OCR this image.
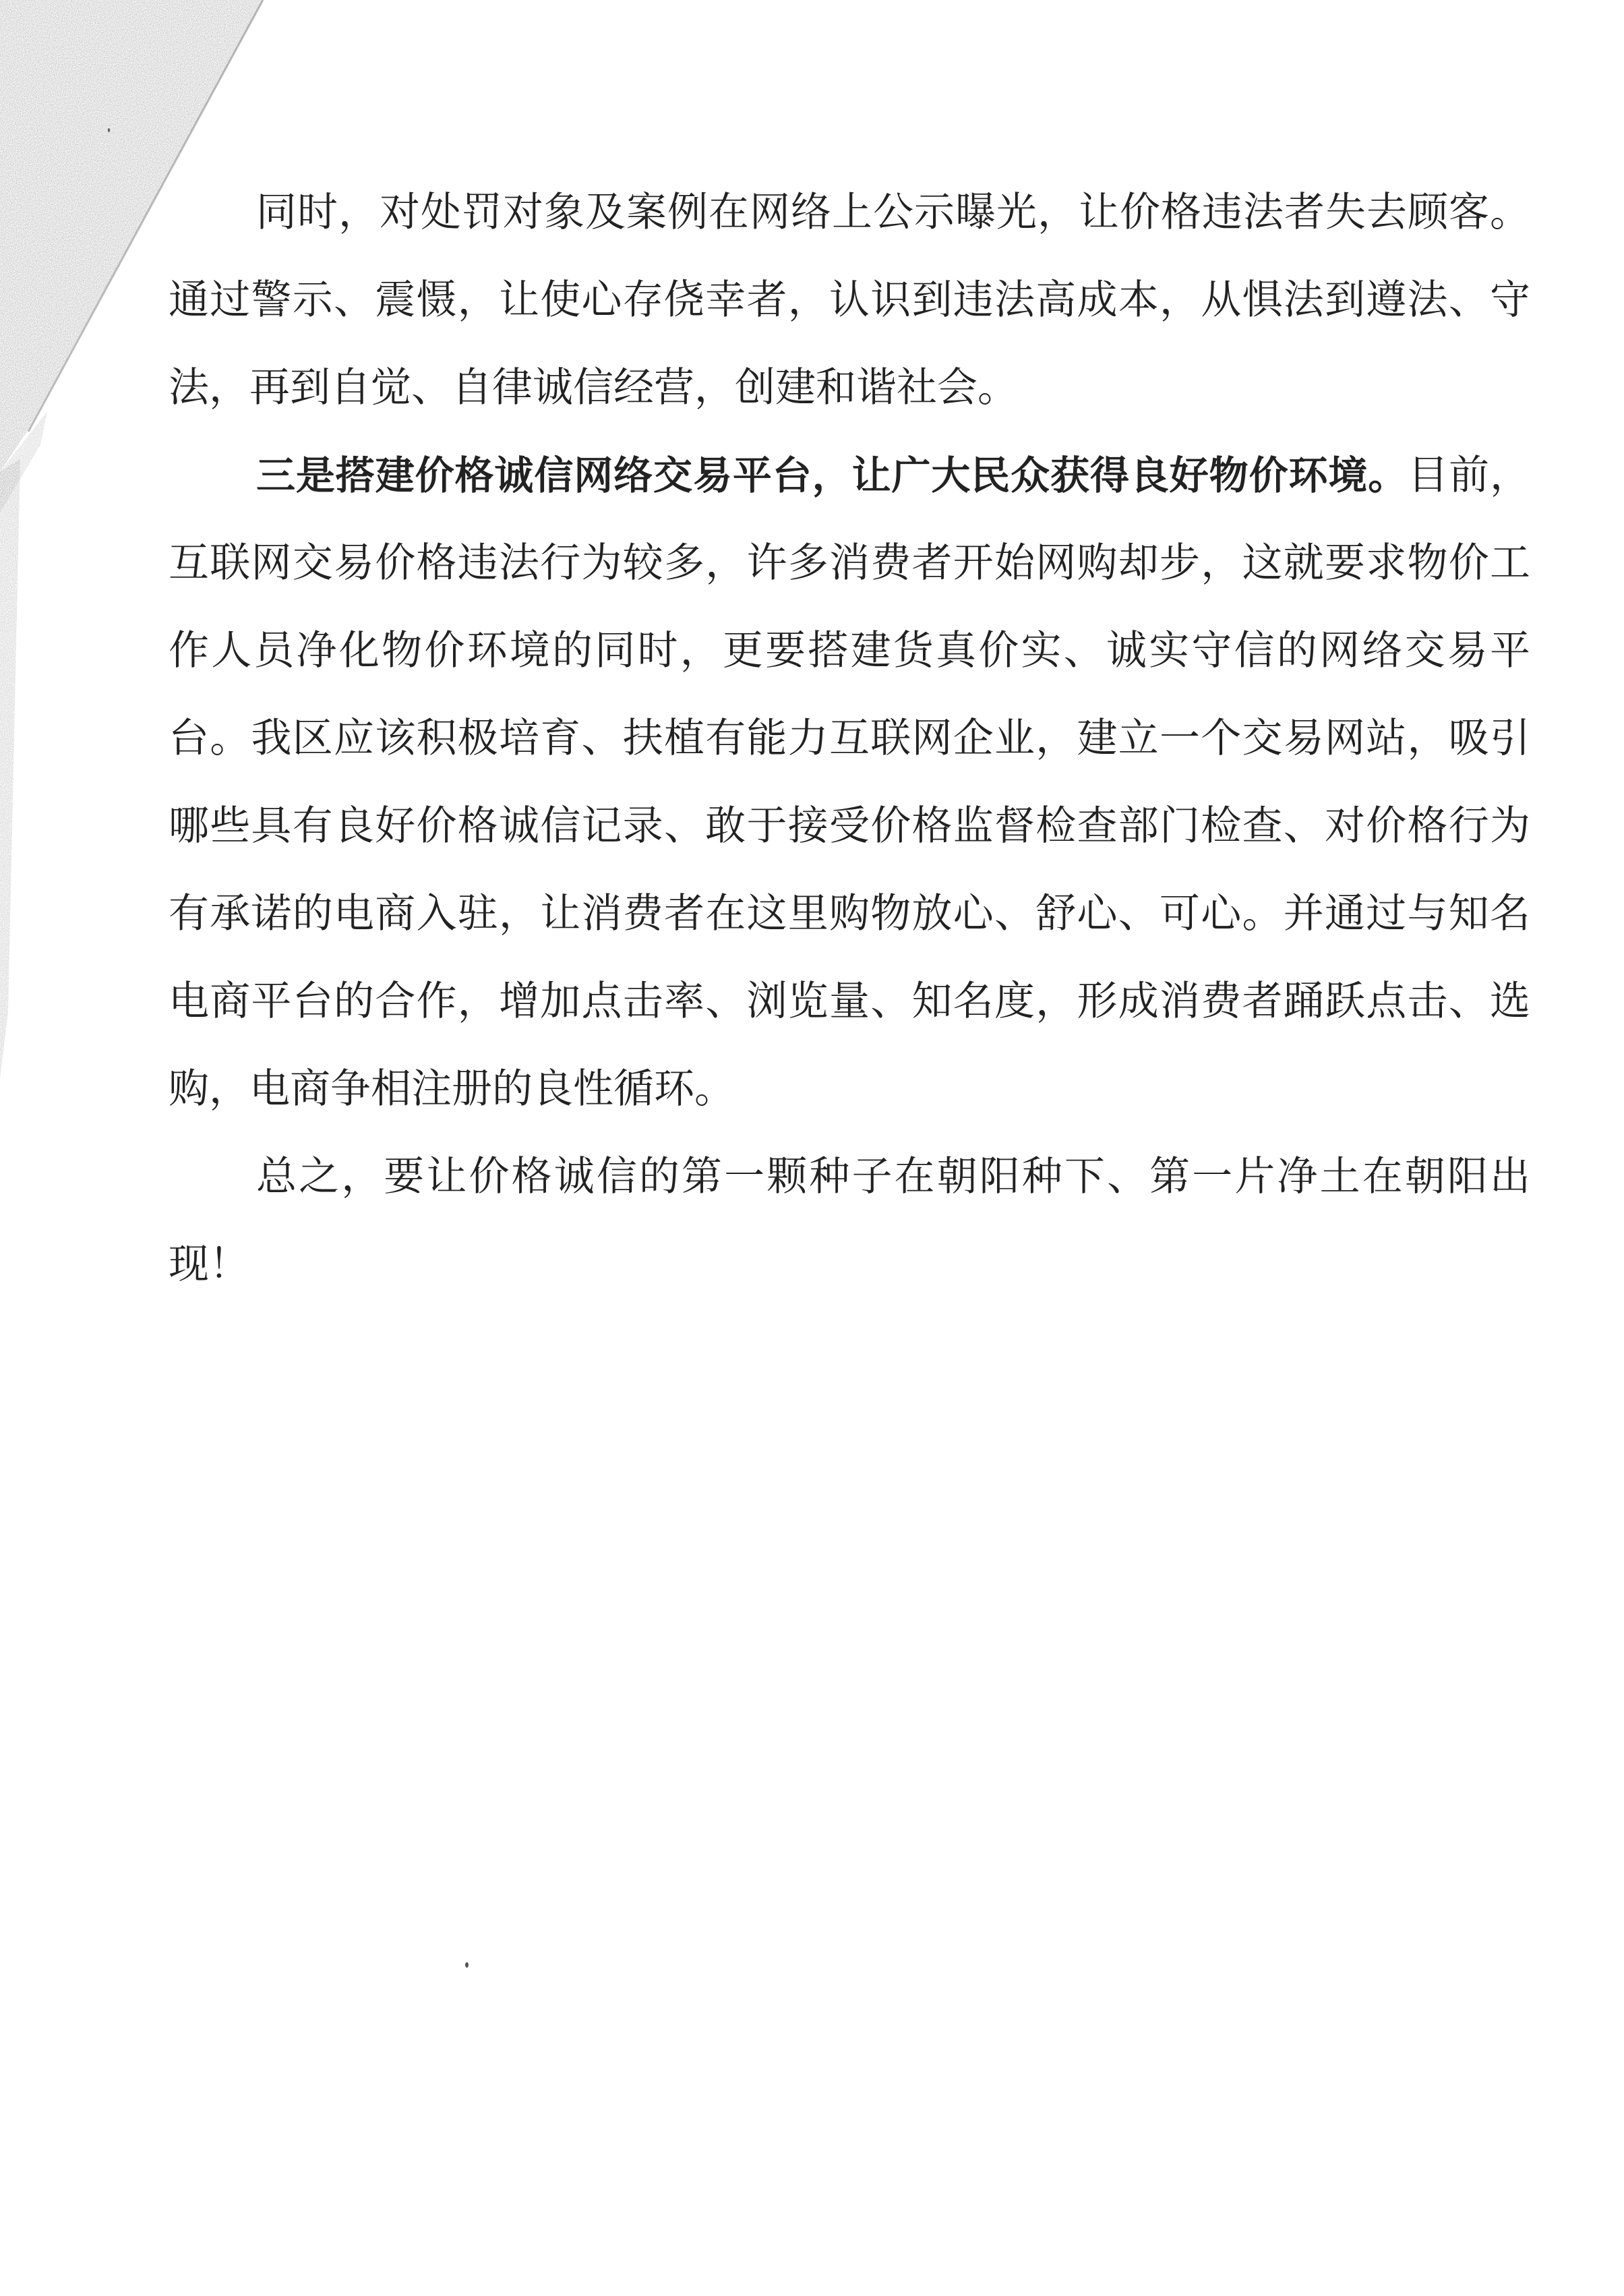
同时，对处罚对象及案例在网络上公示曝光，让价格违法者失去顾客。通过警示、震慑，让使心存侥幸者，认识到违法高成本，从惧法到遵法、守法，再到自觉、自律诚信经营，创建和谐社会。

三是搭建价格诚信网络交易平台，让广大民众获得良好物价环境。目前，互联网交易价格违法行为较多，许多消费者开始网购却步，这就要求物价工作人员净化物价环境的同时，更要搭建货真价实、诚实守信的网络交易平台。我区应该积极培育、扶植有能力互联网企业，建立一个交易网站，吸引哪些具有良好价格诚信记录、敢于接受价格监督检查部门检查、对价格行为有承诺的电商入驻，让消费者在这里购物放心、舒心、可心。并通过与知名电商平台的合作，增加点击率、浏览量、知名度，形成消费者踊跃点击、选购，电商争相注册的良性循环。

总之，要让价格诚信的第一颗种子在朝阳种下、第一片净土在朝阳出现！
